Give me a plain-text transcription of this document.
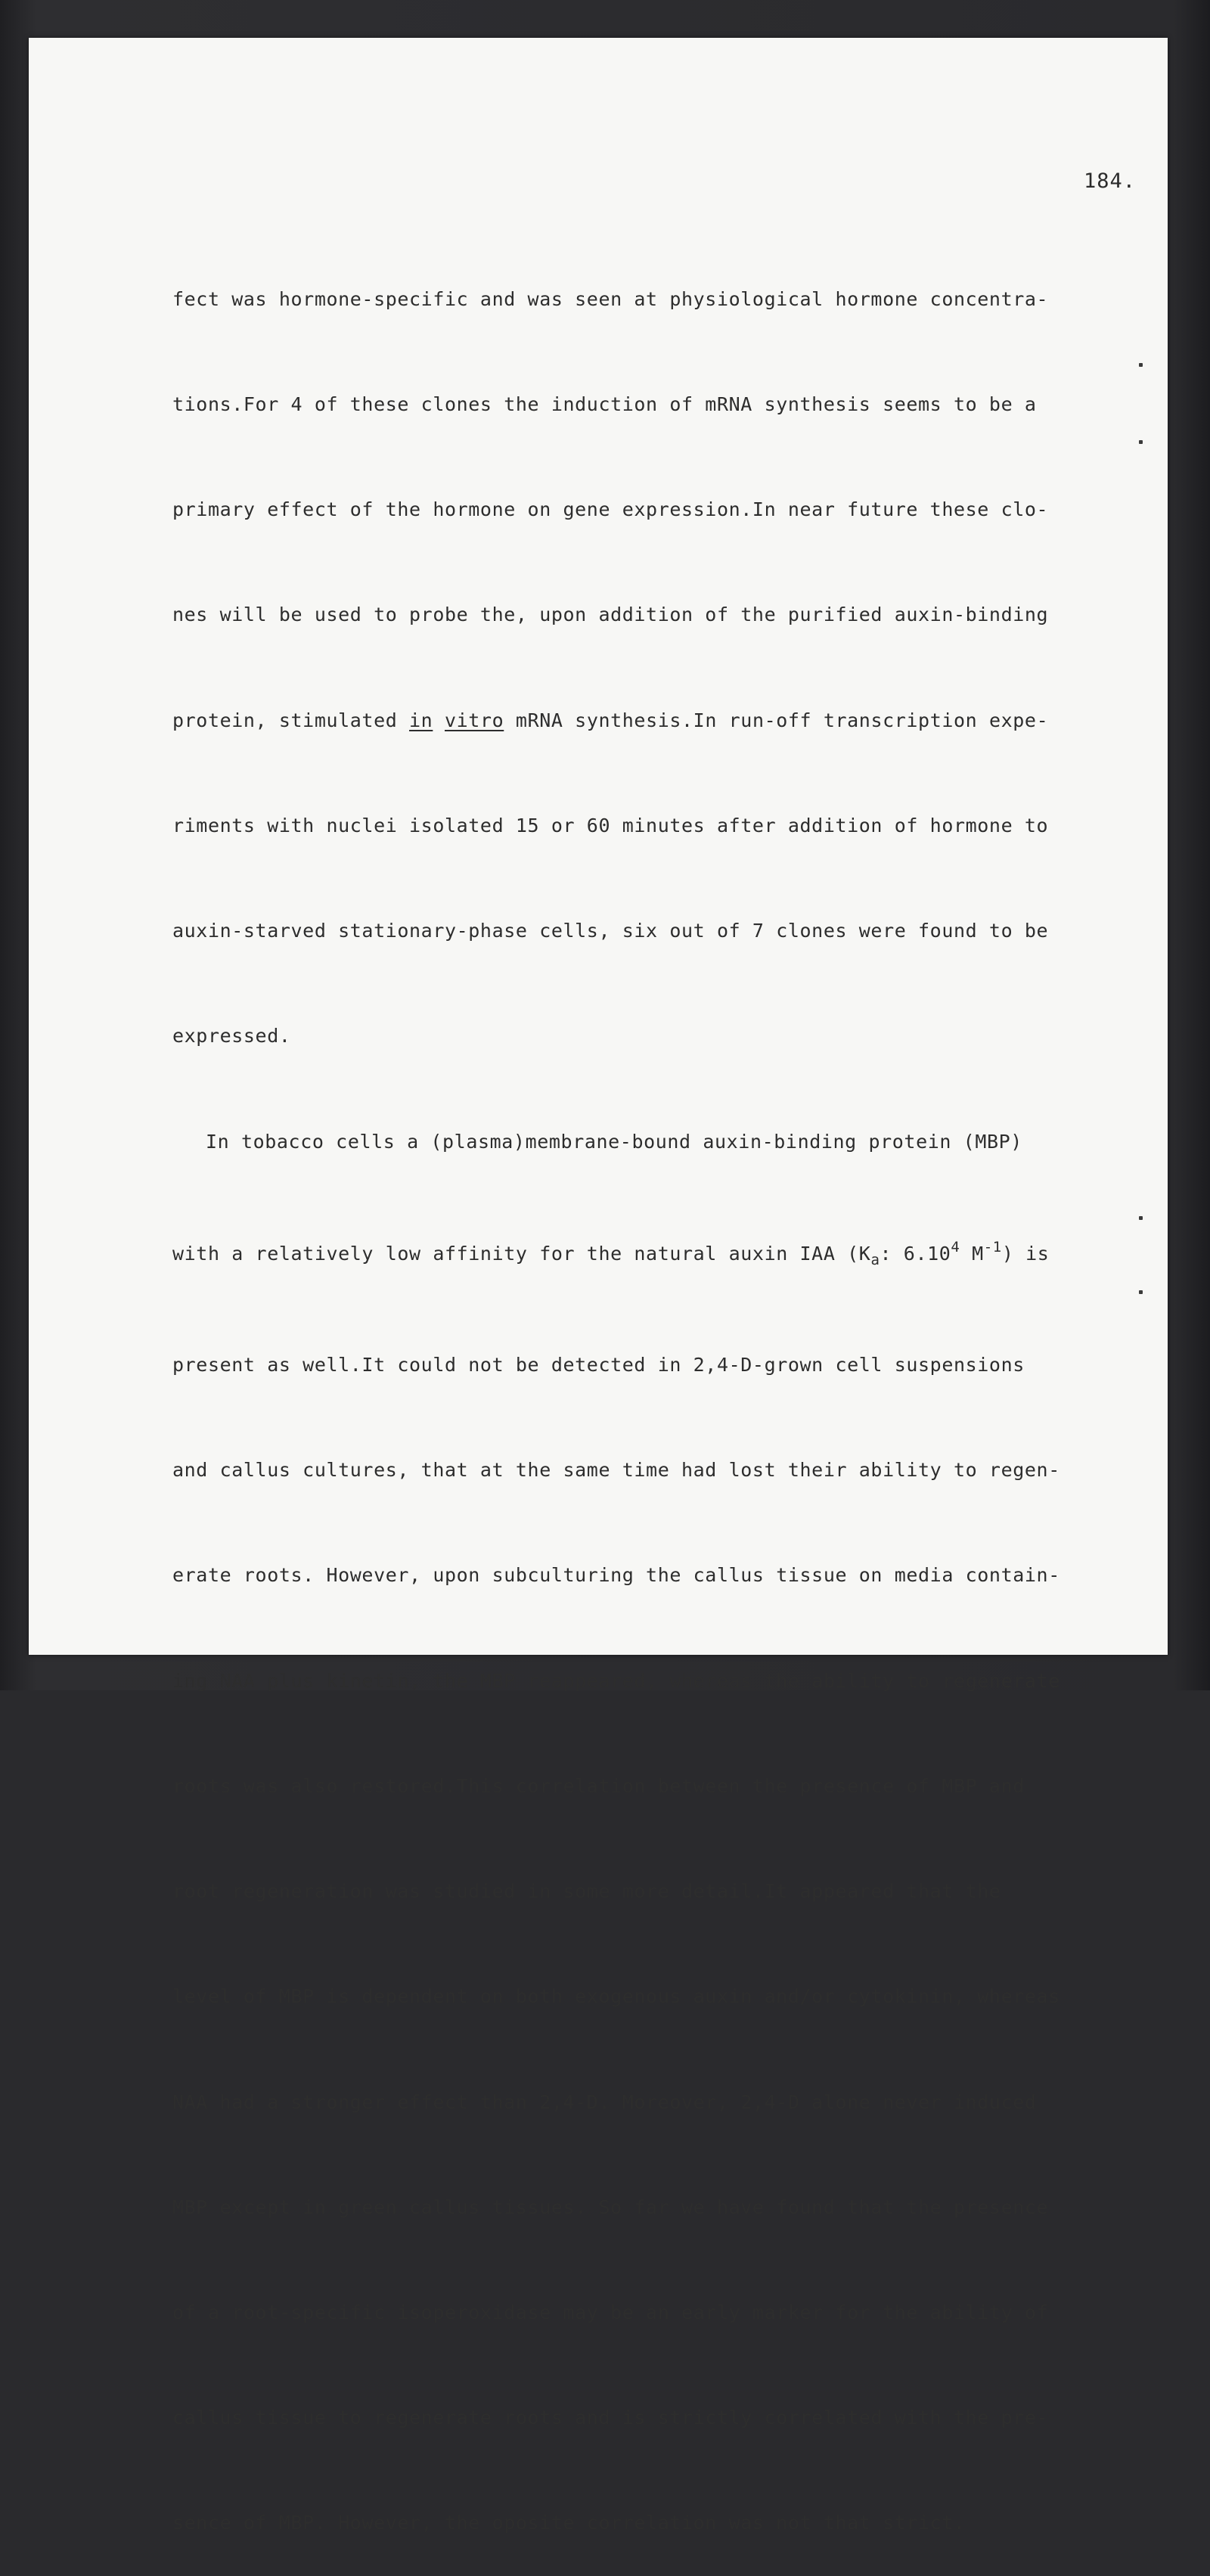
184.

fect was hormone-specific and was seen at physiological hormone concentra-

tions.For 4 of these clones the induction of mRNA synthesis seems to be a

primary effect of the hormone on gene expression.In near future these clo-

nes will be used to probe the, upon addition of the purified auxin-binding

protein, stimulated in vitro mRNA synthesis.In run-off transcription expe-

riments with nuclei isolated 15 or 60 minutes after addition of hormone to

auxin-starved stationary-phase cells, six out of 7 clones were found to be

expressed.

In tobacco cells a (plasma)membrane-bound auxin-binding protein (MBP)

with a relatively low affinity for the natural auxin IAA ($K_a$: 6.10$^4$ $M^{-1}$) is

present as well.It could not be detected in 2,4-D-grown cell suspensions

and callus cultures, that at the same time had lost their ability to regen-

erate roots. However, upon subculturing the callus tissue on media contain-

ing NAA plus kinetin, the MBP reappeared, whereas the ability to regenerate

roots was also restored.This correlation between the presence of MBP and

root regeneration was studied in some more detail.It appeared that the

level of MBP is dependent on both exogenous auxin and/or cytokinin, whereas

NAA had a stronger effect than 2,4-D. Moreover, 2,4-D alone never induced

MBP except in green callus tissues. So far we have found that the presence

of a root-specific isoperoxidase may be an early marker for the ability of

callus tissue to regenerate roots and is strictly correlated with the pre-

sence of MBP. However, the oposite correlation was not that strict.
